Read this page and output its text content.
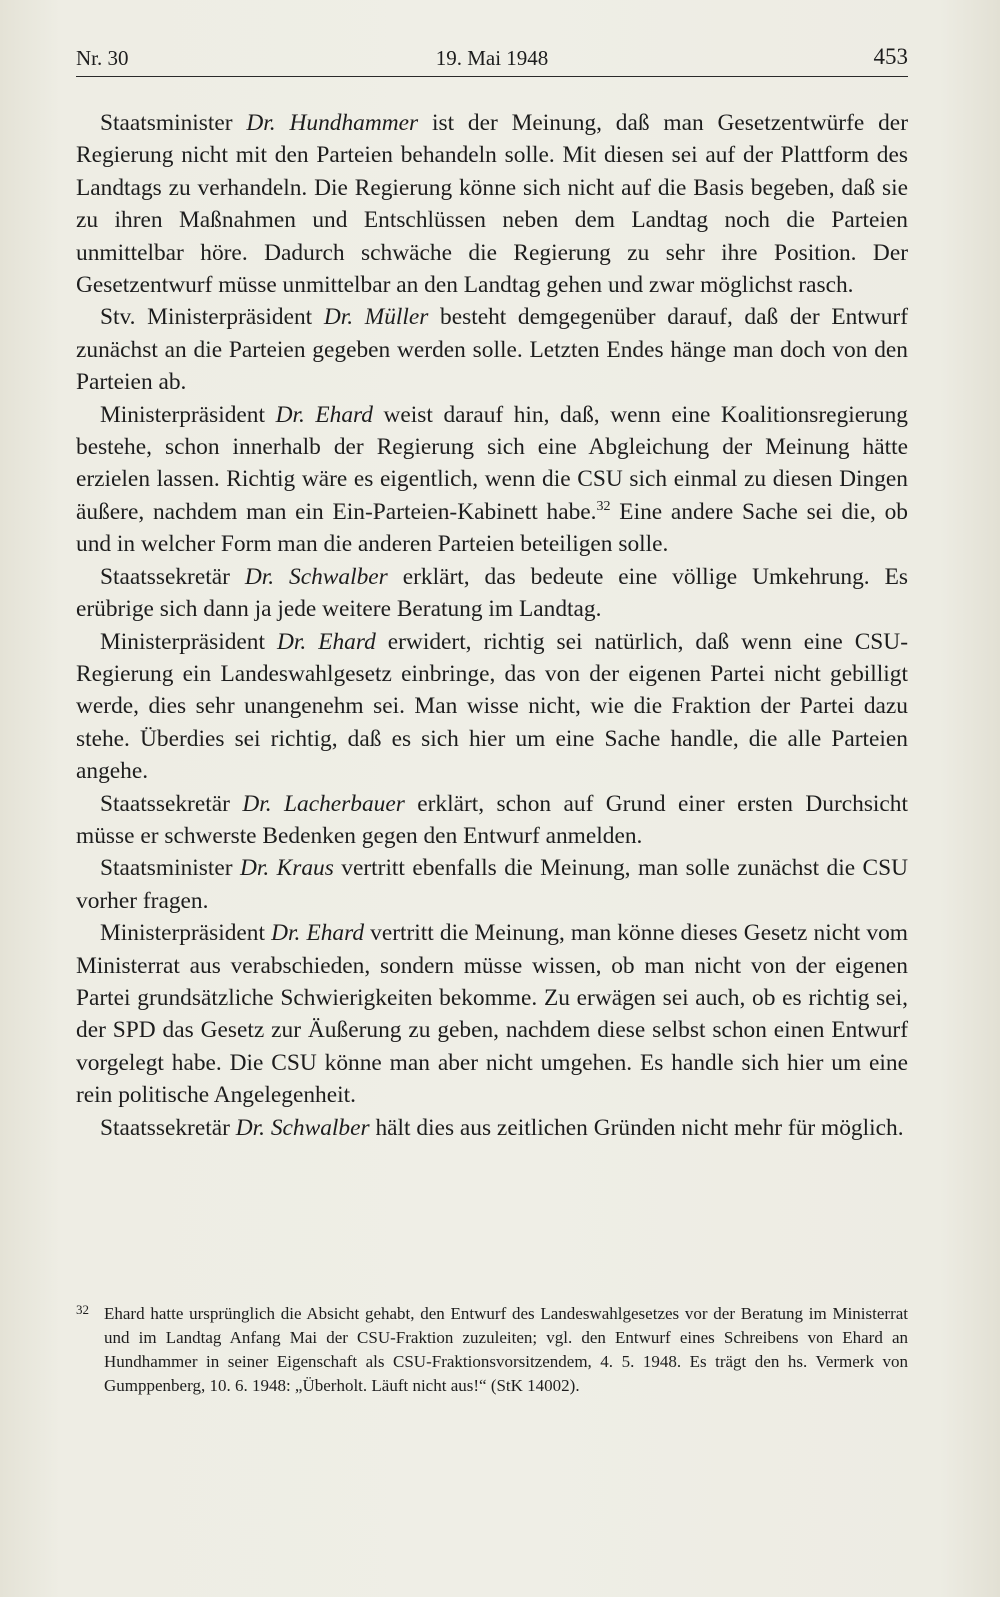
Nr. 30	19. Mai 1948	453

Staatsminister Dr. Hundhammer ist der Meinung, daß man Gesetzentwürfe der Regierung nicht mit den Parteien behandeln solle. Mit diesen sei auf der Plattform des Landtags zu verhandeln. Die Regierung könne sich nicht auf die Basis begeben, daß sie zu ihren Maßnahmen und Entschlüssen neben dem Landtag noch die Parteien unmittelbar höre. Dadurch schwäche die Regierung zu sehr ihre Position. Der Gesetzentwurf müsse unmittelbar an den Landtag gehen und zwar möglichst rasch.

Stv. Ministerpräsident Dr. Müller besteht demgegenüber darauf, daß der Entwurf zunächst an die Parteien gegeben werden solle. Letzten Endes hänge man doch von den Parteien ab.

Ministerpräsident Dr. Ehard weist darauf hin, daß, wenn eine Koalitionsregierung bestehe, schon innerhalb der Regierung sich eine Abgleichung der Meinung hätte erzielen lassen. Richtig wäre es eigentlich, wenn die CSU sich einmal zu diesen Dingen äußere, nachdem man ein Ein-Parteien-Kabinett habe.$^{32}$ Eine andere Sache sei die, ob und in welcher Form man die anderen Parteien beteiligen solle.

Staatssekretär Dr. Schwalber erklärt, das bedeute eine völlige Umkehrung. Es erübrige sich dann ja jede weitere Beratung im Landtag.

Ministerpräsident Dr. Ehard erwidert, richtig sei natürlich, daß wenn eine CSU-Regierung ein Landeswahlgesetz einbringe, das von der eigenen Partei nicht gebilligt werde, dies sehr unangenehm sei. Man wisse nicht, wie die Fraktion der Partei dazu stehe. Überdies sei richtig, daß es sich hier um eine Sache handle, die alle Parteien angehe.

Staatssekretär Dr. Lacherbauer erklärt, schon auf Grund einer ersten Durchsicht müsse er schwerste Bedenken gegen den Entwurf anmelden.

Staatsminister Dr. Kraus vertritt ebenfalls die Meinung, man solle zunächst die CSU vorher fragen.

Ministerpräsident Dr. Ehard vertritt die Meinung, man könne dieses Gesetz nicht vom Ministerrat aus verabschieden, sondern müsse wissen, ob man nicht von der eigenen Partei grundsätzliche Schwierigkeiten bekomme. Zu erwägen sei auch, ob es richtig sei, der SPD das Gesetz zur Äußerung zu geben, nachdem diese selbst schon einen Entwurf vorgelegt habe. Die CSU könne man aber nicht umgehen. Es handle sich hier um eine rein politische Angelegenheit.

Staatssekretär Dr. Schwalber hält dies aus zeitlichen Gründen nicht mehr für möglich.

32 Ehard hatte ursprünglich die Absicht gehabt, den Entwurf des Landeswahlgesetzes vor der Beratung im Ministerrat und im Landtag Anfang Mai der CSU-Fraktion zuzuleiten; vgl. den Entwurf eines Schreibens von Ehard an Hundhammer in seiner Eigenschaft als CSU-Fraktionsvorsitzendem, 4. 5. 1948. Es trägt den hs. Vermerk von Gumppenberg, 10. 6. 1948: „Überholt. Läuft nicht aus!“ (StK 14002).
